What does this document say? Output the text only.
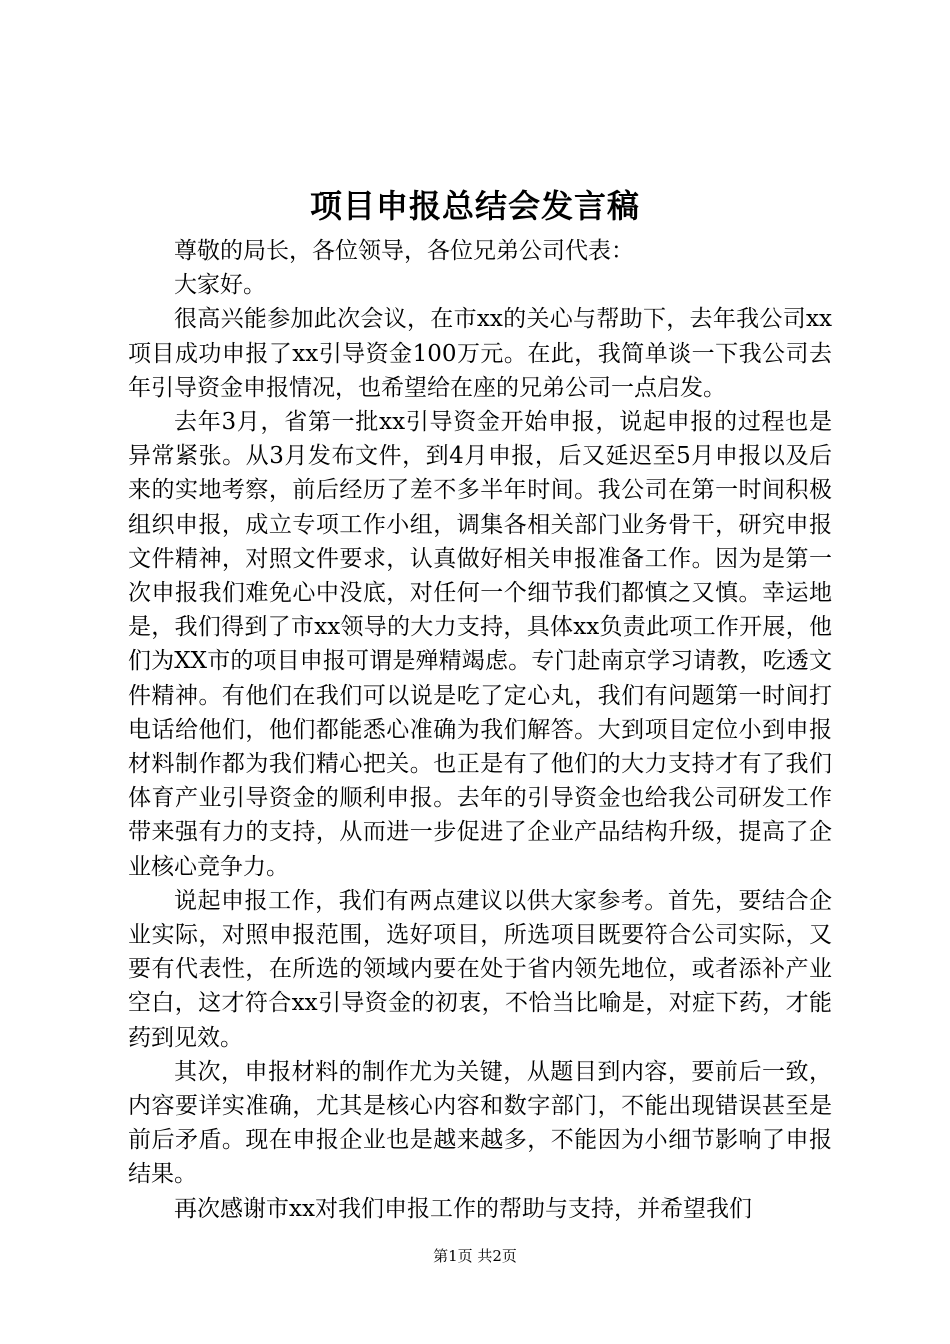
项目申报总结会发言稿

尊敬的局长，各位领导，各位兄弟公司代表：

大家好。

很高兴能参加此次会议，在市xx的关心与帮助下，去年我公司xx项目成功申报了xx引导资金100万元。在此，我简单谈一下我公司去年引导资金申报情况，也希望给在座的兄弟公司一点启发。

去年3月，省第一批xx引导资金开始申报，说起申报的过程也是异常紧张。从3月发布文件，到4月申报，后又延迟至5月申报以及后来的实地考察，前后经历了差不多半年时间。我公司在第一时间积极组织申报，成立专项工作小组，调集各相关部门业务骨干，研究申报文件精神，对照文件要求，认真做好相关申报准备工作。因为是第一次申报我们难免心中没底，对任何一个细节我们都慎之又慎。幸运地是，我们得到了市xx领导的大力支持，具体xx负责此项工作开展，他们为XX市的项目申报可谓是殚精竭虑。专门赴南京学习请教，吃透文件精神。有他们在我们可以说是吃了定心丸，我们有问题第一时间打电话给他们，他们都能悉心准确为我们解答。大到项目定位小到申报材料制作都为我们精心把关。也正是有了他们的大力支持才有了我们体育产业引导资金的顺利申报。去年的引导资金也给我公司研发工作带来强有力的支持，从而进一步促进了企业产品结构升级，提高了企业核心竞争力。

说起申报工作，我们有两点建议以供大家参考。首先，要结合企业实际，对照申报范围，选好项目，所选项目既要符合公司实际，又要有代表性，在所选的领域内要在处于省内领先地位，或者添补产业空白，这才符合xx引导资金的初衷，不恰当比喻是，对症下药，才能药到见效。

其次，申报材料的制作尤为关键，从题目到内容，要前后一致，内容要详实准确，尤其是核心内容和数字部门，不能出现错误甚至是前后矛盾。现在申报企业也是越来越多，不能因为小细节影响了申报结果。

再次感谢市xx对我们申报工作的帮助与支持，并希望我们

第1页 共2页
